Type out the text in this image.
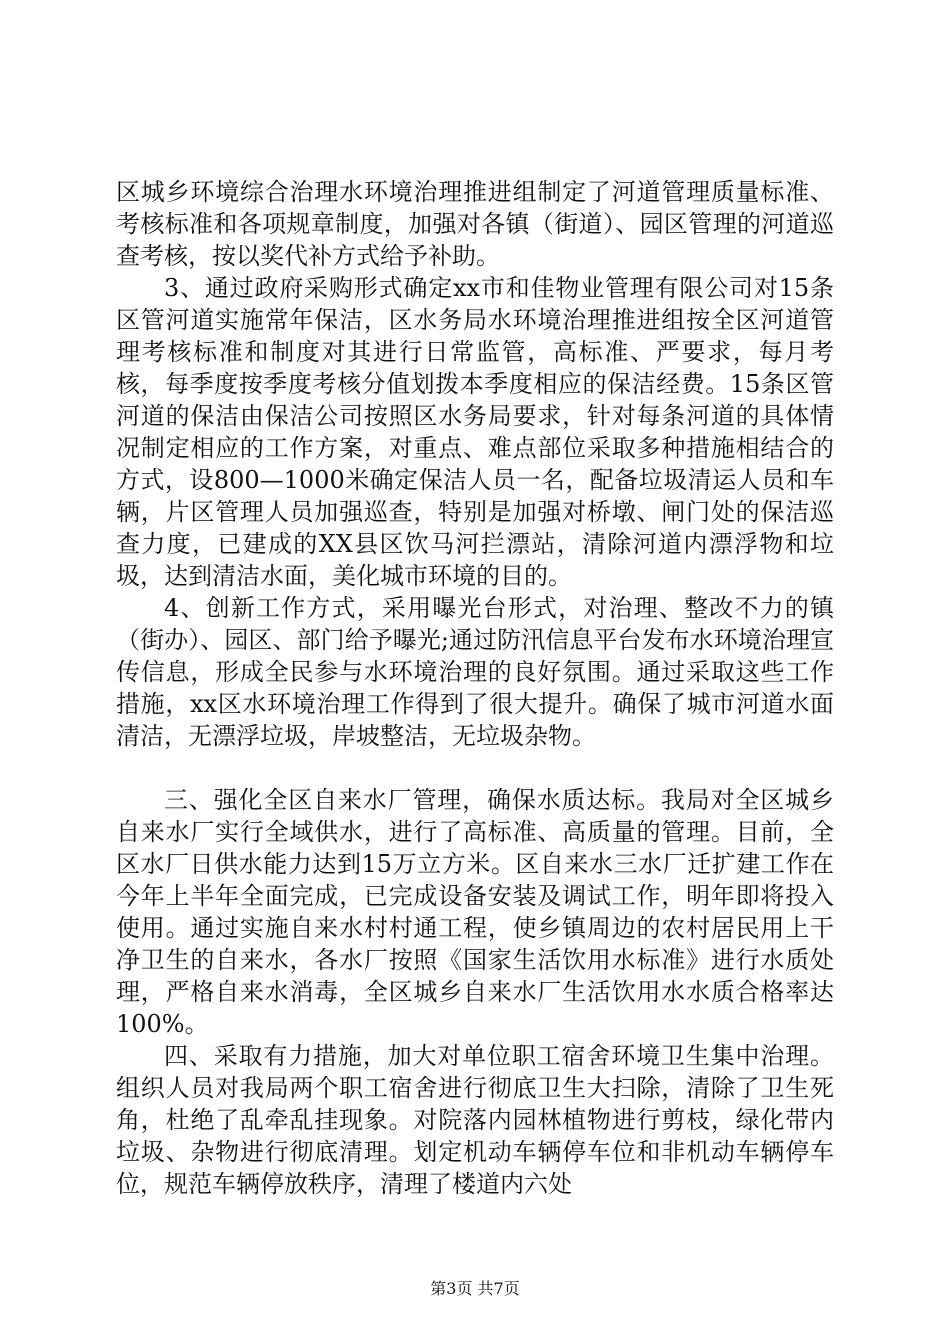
区城乡环境综合治理水环境治理推进组制定了河道管理质量标准、考核标准和各项规章制度，加强对各镇（街道）、园区管理的河道巡查考核，按以奖代补方式给予补助。

3、通过政府采购形式确定xx市和佳物业管理有限公司对15条区管河道实施常年保洁，区水务局水环境治理推进组按全区河道管理考核标准和制度对其进行日常监管，高标准、严要求，每月考核，每季度按季度考核分值划拨本季度相应的保洁经费。15条区管河道的保洁由保洁公司按照区水务局要求，针对每条河道的具体情况制定相应的工作方案，对重点、难点部位采取多种措施相结合的方式，设800—1000米确定保洁人员一名，配备垃圾清运人员和车辆，片区管理人员加强巡查，特别是加强对桥墩、闸门处的保洁巡查力度，已建成的XX县区饮马河拦漂站，清除河道内漂浮物和垃圾，达到清洁水面，美化城市环境的目的。

4、创新工作方式，采用曝光台形式，对治理、整改不力的镇（街办）、园区、部门给予曝光;通过防汛信息平台发布水环境治理宣传信息，形成全民参与水环境治理的良好氛围。通过采取这些工作措施，xx区水环境治理工作得到了很大提升。确保了城市河道水面清洁，无漂浮垃圾，岸坡整洁，无垃圾杂物。

三、强化全区自来水厂管理，确保水质达标。我局对全区城乡自来水厂实行全域供水，进行了高标准、高质量的管理。目前，全区水厂日供水能力达到15万立方米。区自来水三水厂迁扩建工作在今年上半年全面完成，已完成设备安装及调试工作，明年即将投入使用。通过实施自来水村村通工程，使乡镇周边的农村居民用上干净卫生的自来水，各水厂按照《国家生活饮用水标准》进行水质处理，严格自来水消毒，全区城乡自来水厂生活饮用水水质合格率达100%。

四、采取有力措施，加大对单位职工宿舍环境卫生集中治理。组织人员对我局两个职工宿舍进行彻底卫生大扫除，清除了卫生死角，杜绝了乱牵乱挂现象。对院落内园林植物进行剪枝，绿化带内垃圾、杂物进行彻底清理。划定机动车辆停车位和非机动车辆停车位，规范车辆停放秩序，清理了楼道内六处

第3页 共7页
